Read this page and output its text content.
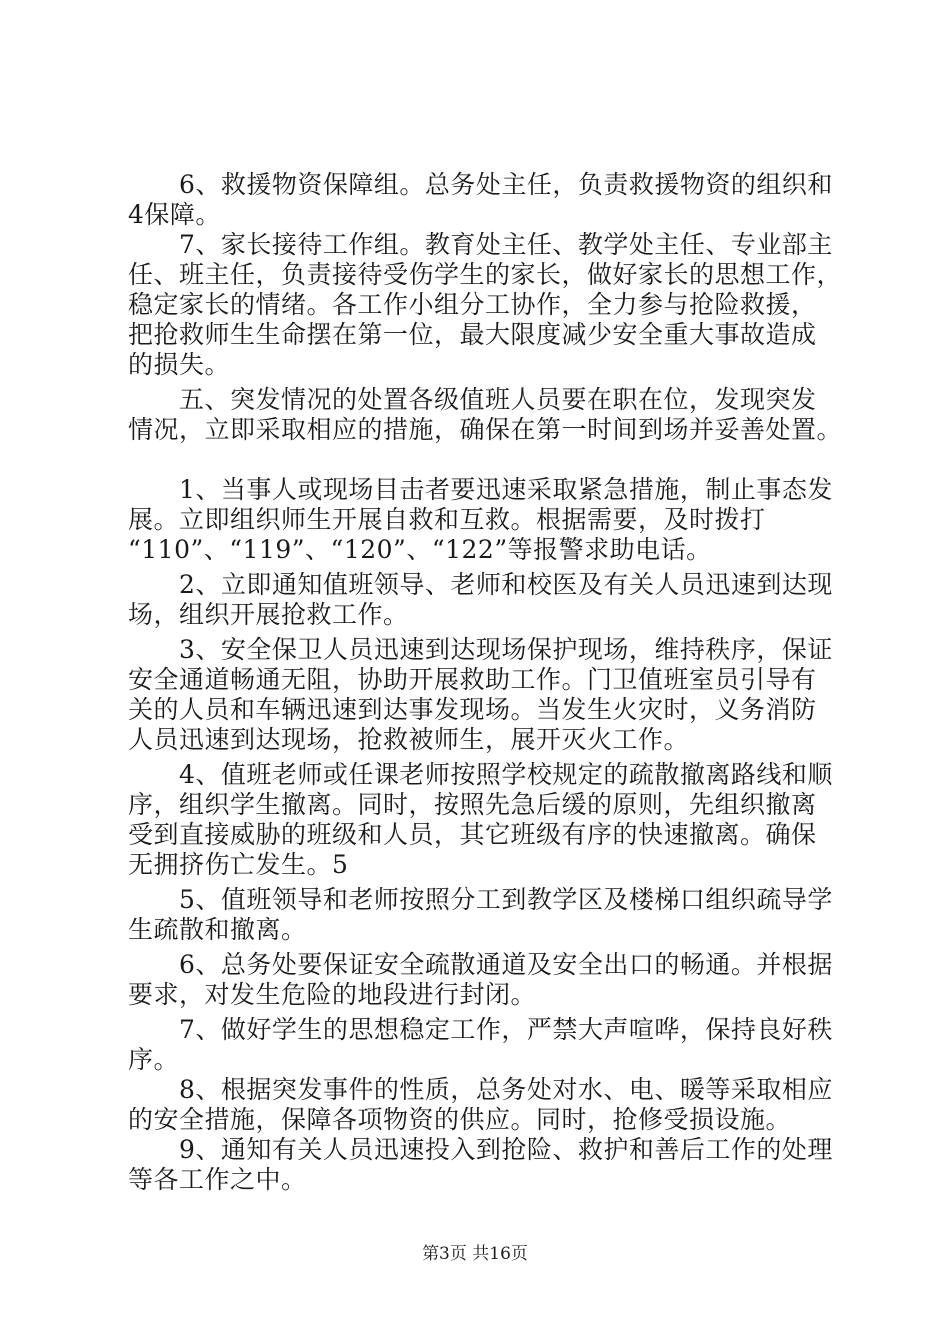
　　6、救援物资保障组。总务处主任，负责救援物资的组织和
4保障。
　　7、家长接待工作组。教育处主任、教学处主任、专业部主
任、班主任，负责接待受伤学生的家长，做好家长的思想工作，
稳定家长的情绪。各工作小组分工协作，全力参与抢险救援，
把抢救师生生命摆在第一位，最大限度减少安全重大事故造成
的损失。
　　五、突发情况的处置各级值班人员要在职在位，发现突发
情况，立即采取相应的措施，确保在第一时间到场并妥善处置。
　　1、当事人或现场目击者要迅速采取紧急措施，制止事态发
展。立即组织师生开展自救和互救。根据需要，及时拨打
“110”、“119”、“120”、“122”等报警求助电话。
　　2、立即通知值班领导、老师和校医及有关人员迅速到达现
场，组织开展抢救工作。
　　3、安全保卫人员迅速到达现场保护现场，维持秩序，保证
安全通道畅通无阻，协助开展救助工作。门卫值班室员引导有
关的人员和车辆迅速到达事发现场。当发生火灾时，义务消防
人员迅速到达现场，抢救被师生，展开灭火工作。
　　4、值班老师或任课老师按照学校规定的疏散撤离路线和顺
序，组织学生撤离。同时，按照先急后缓的原则，先组织撤离
受到直接威胁的班级和人员，其它班级有序的快速撤离。确保
无拥挤伤亡发生。5
　　5、值班领导和老师按照分工到教学区及楼梯口组织疏导学
生疏散和撤离。
　　6、总务处要保证安全疏散通道及安全出口的畅通。并根据
要求，对发生危险的地段进行封闭。
　　7、做好学生的思想稳定工作，严禁大声喧哗，保持良好秩
序。
　　8、根据突发事件的性质，总务处对水、电、暖等采取相应
的安全措施，保障各项物资的供应。同时，抢修受损设施。
　　9、通知有关人员迅速投入到抢险、救护和善后工作的处理
等各工作之中。
第3页 共16页
